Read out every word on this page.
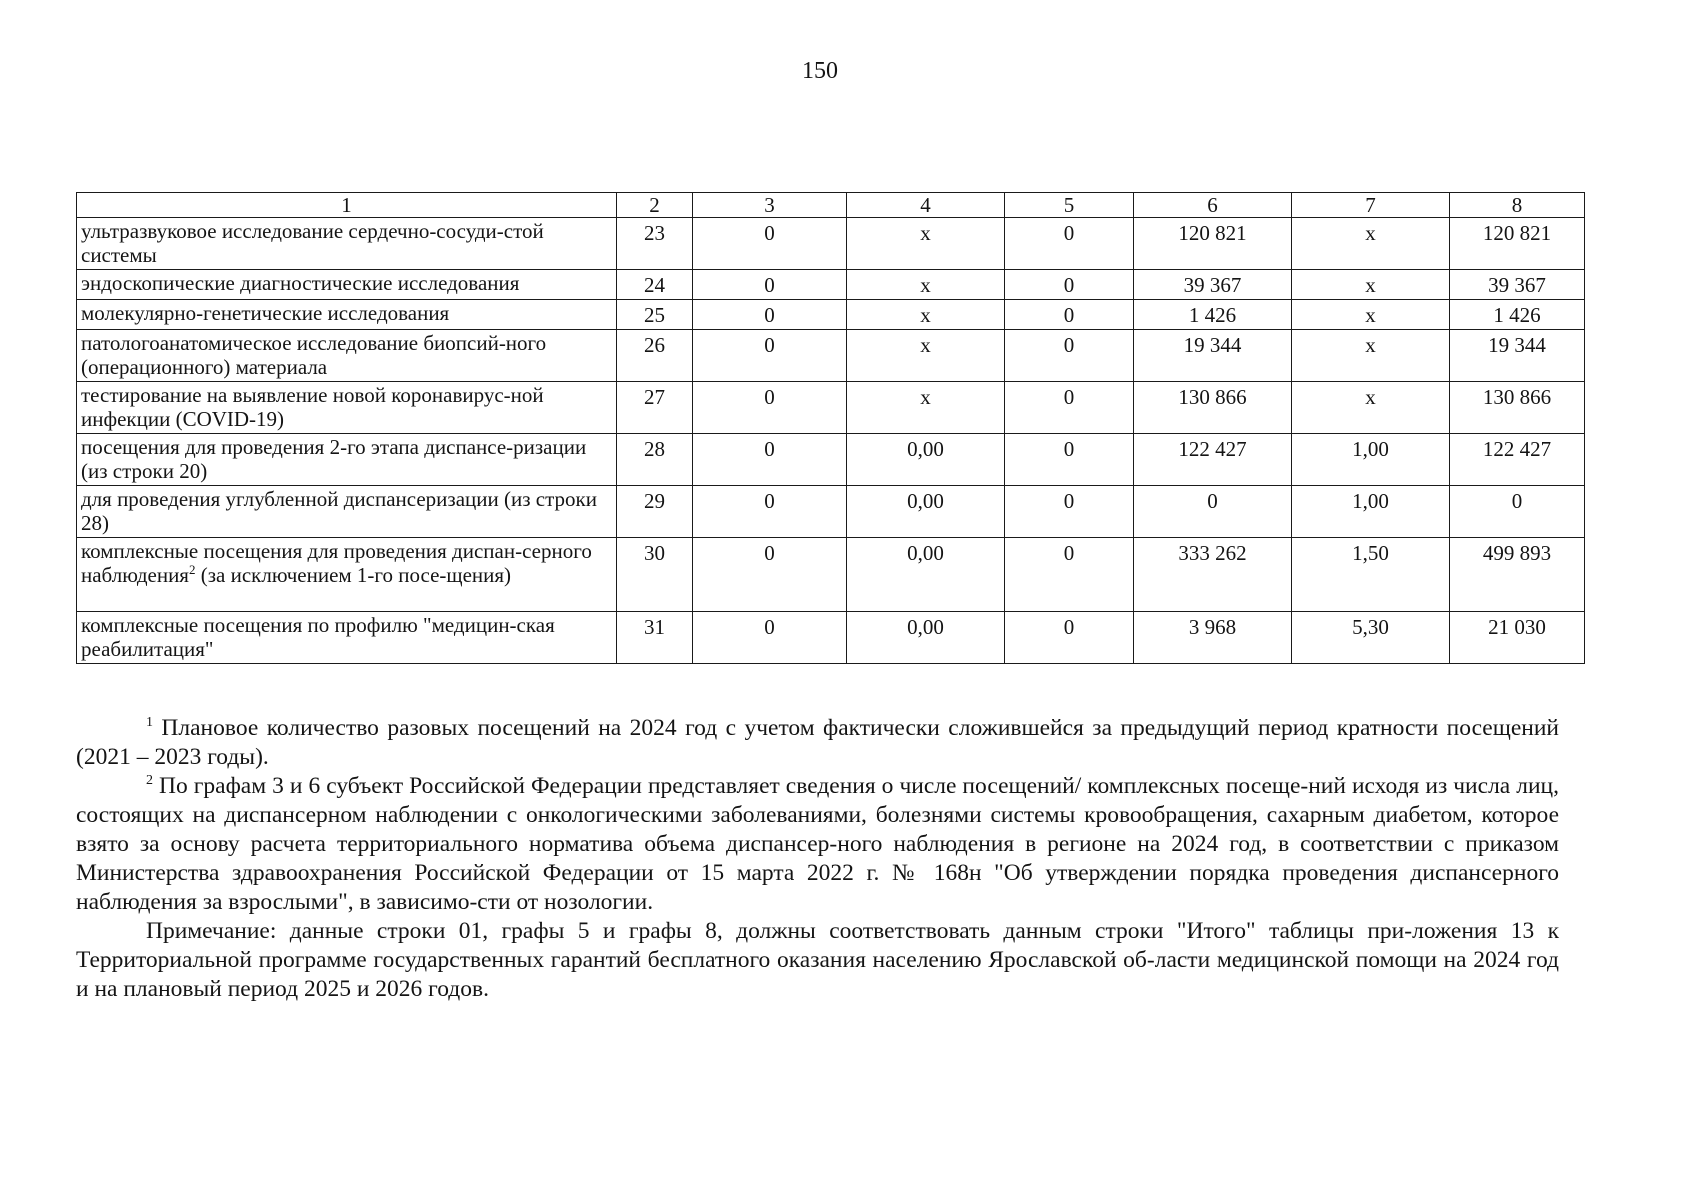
150
1	2	3	4	5	6	7	8
ультразвуковое исследование сердечно-сосуди-стой системы	23	0	х	0	120 821	х	120 821
эндоскопические диагностические исследования	24	0	х	0	39 367	х	39 367
молекулярно-генетические исследования	25	0	х	0	1 426	х	1 426
патологоанатомическое исследование биопсий-ного (операционного) материала	26	0	х	0	19 344	х	19 344
тестирование на выявление новой коронавирус-ной инфекции (COVID-19)	27	0	х	0	130 866	х	130 866
посещения для проведения 2-го этапа диспансе-ризации (из строки 20)	28	0	0,00	0	122 427	1,00	122 427
для проведения углубленной диспансеризации (из строки 28)	29	0	0,00	0	0	1,00	0
комплексные посещения для проведения диспан-серного наблюдения$^2$ (за исключением 1-го посе-щения)	30	0	0,00	0	333 262	1,50	499 893
комплексные посещения по профилю "медицин-ская реабилитация"	31	0	0,00	0	3 968	5,30	21 030

$^1$ Плановое количество разовых посещений на 2024 год с учетом фактически сложившейся за предыдущий период кратности посещений (2021 – 2023 годы).

$^2$ По графам 3 и 6 субъект Российской Федерации представляет сведения о числе посещений/ комплексных посеще-ний исходя из числа лиц, состоящих на диспансерном наблюдении с онкологическими заболеваниями, болезнями системы кровообращения, сахарным диабетом, которое взято за основу расчета территориального норматива объема диспансер-ного наблюдения в регионе на 2024 год, в соответствии с приказом Министерства здравоохранения Российской Федерации от 15 марта 2022 г. № 168н "Об утверждении порядка проведения диспансерного наблюдения за взрослыми", в зависимо-сти от нозологии.

Примечание: данные строки 01, графы 5 и графы 8, должны соответствовать данным строки "Итого" таблицы при-ложения 13 к Территориальной программе государственных гарантий бесплатного оказания населению Ярославской об-ласти медицинской помощи на 2024 год и на плановый период 2025 и 2026 годов.
